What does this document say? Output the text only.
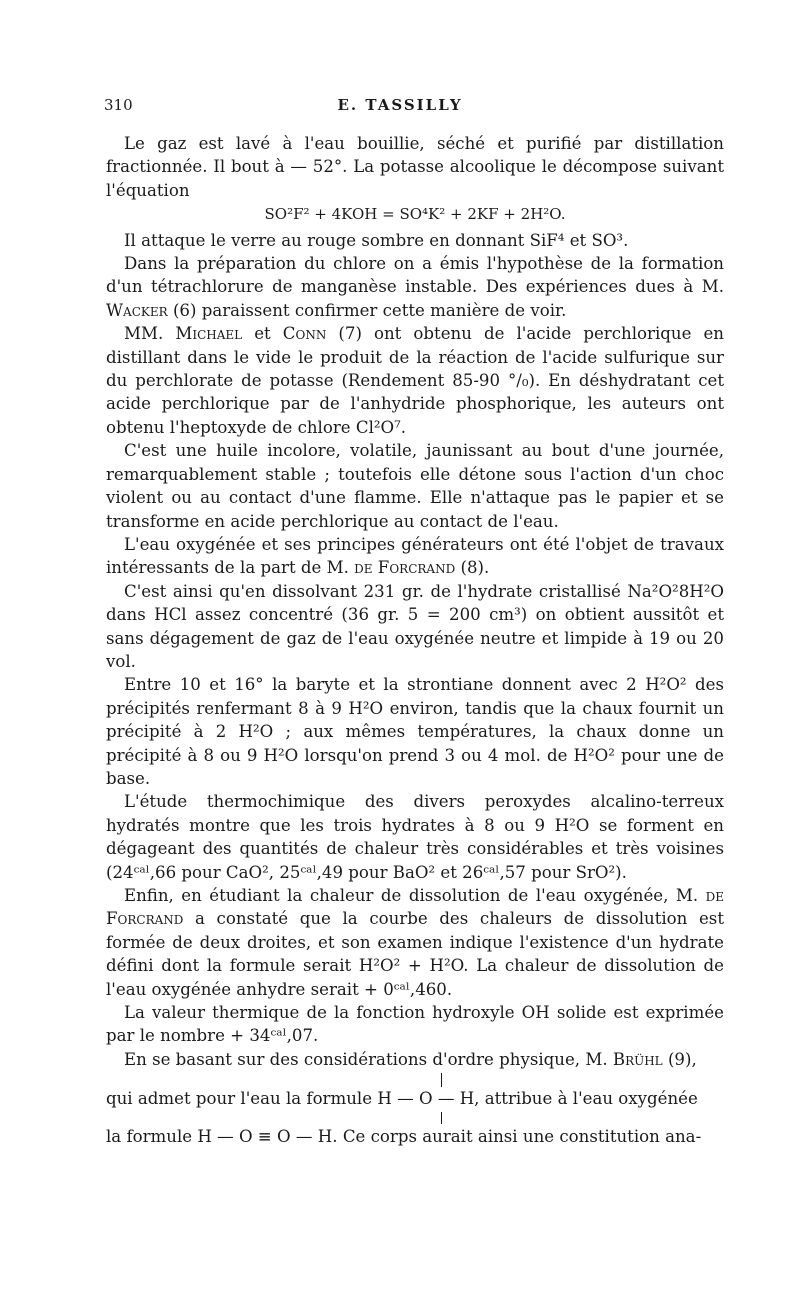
310	E. TASSILLY

Le gaz est lavé à l'eau bouillie, séché et purifié par distillation fractionnée. Il bout à — 52°. La potasse alcoolique le décompose suivant l'équation

SO²F² + 4KOH = SO⁴K² + 2KF + 2H²O.

Il attaque le verre au rouge sombre en donnant SiF⁴ et SO³.

Dans la préparation du chlore on a émis l'hypothèse de la formation d'un tétrachlorure de manganèse instable. Des expériences dues à M. Wacker (6) paraissent confirmer cette manière de voir.

MM. Michael et Conn (7) ont obtenu de l'acide perchlorique en distillant dans le vide le produit de la réaction de l'acide sulfurique sur du perchlorate de potasse (Rendement 85-90 °/₀). En déshydratant cet acide perchlorique par de l'anhydride phosphorique, les auteurs ont obtenu l'heptoxyde de chlore Cl²O⁷.

C'est une huile incolore, volatile, jaunissant au bout d'une journée, remarquablement stable ; toutefois elle détone sous l'action d'un choc violent ou au contact d'une flamme. Elle n'attaque pas le papier et se transforme en acide perchlorique au contact de l'eau.

L'eau oxygénée et ses principes générateurs ont été l'objet de travaux intéressants de la part de M. de Forcrand (8).

C'est ainsi qu'en dissolvant 231 gr. de l'hydrate cristallisé Na²O²8H²O dans HCl assez concentré (36 gr. 5 = 200 cm³) on obtient aussitôt et sans dégagement de gaz de l'eau oxygénée neutre et limpide à 19 ou 20 vol.

Entre 10 et 16° la baryte et la strontiane donnent avec 2 H²O² des précipités renfermant 8 à 9 H²O environ, tandis que la chaux fournit un précipité à 2 H²O ; aux mêmes températures, la chaux donne un précipité à 8 ou 9 H²O lorsqu'on prend 3 ou 4 mol. de H²O² pour une de base.

L'étude thermochimique des divers peroxydes alcalino-terreux hydratés montre que les trois hydrates à 8 ou 9 H²O se forment en dégageant des quantités de chaleur très considérables et très voisines (24ᶜᵃˡ,66 pour CaO², 25ᶜᵃˡ,49 pour BaO² et 26ᶜᵃˡ,57 pour SrO²).

Enfin, en étudiant la chaleur de dissolution de l'eau oxygénée, M. de Forcrand a constaté que la courbe des chaleurs de dissolution est formée de deux droites, et son examen indique l'existence d'un hydrate défini dont la formule serait H²O² + H²O. La chaleur de dissolution de l'eau oxygénée anhydre serait + 0ᶜᵃˡ,460.

La valeur thermique de la fonction hydroxyle OH solide est exprimée par le nombre + 34ᶜᵃˡ,07.

En se basant sur des considérations d'ordre physique, M. Brühl (9),

qui admet pour l'eau la formule H — O — H, attribue à l'eau oxygénée
la formule H — O ≡ O — H. Ce corps aurait ainsi une constitution ana-
